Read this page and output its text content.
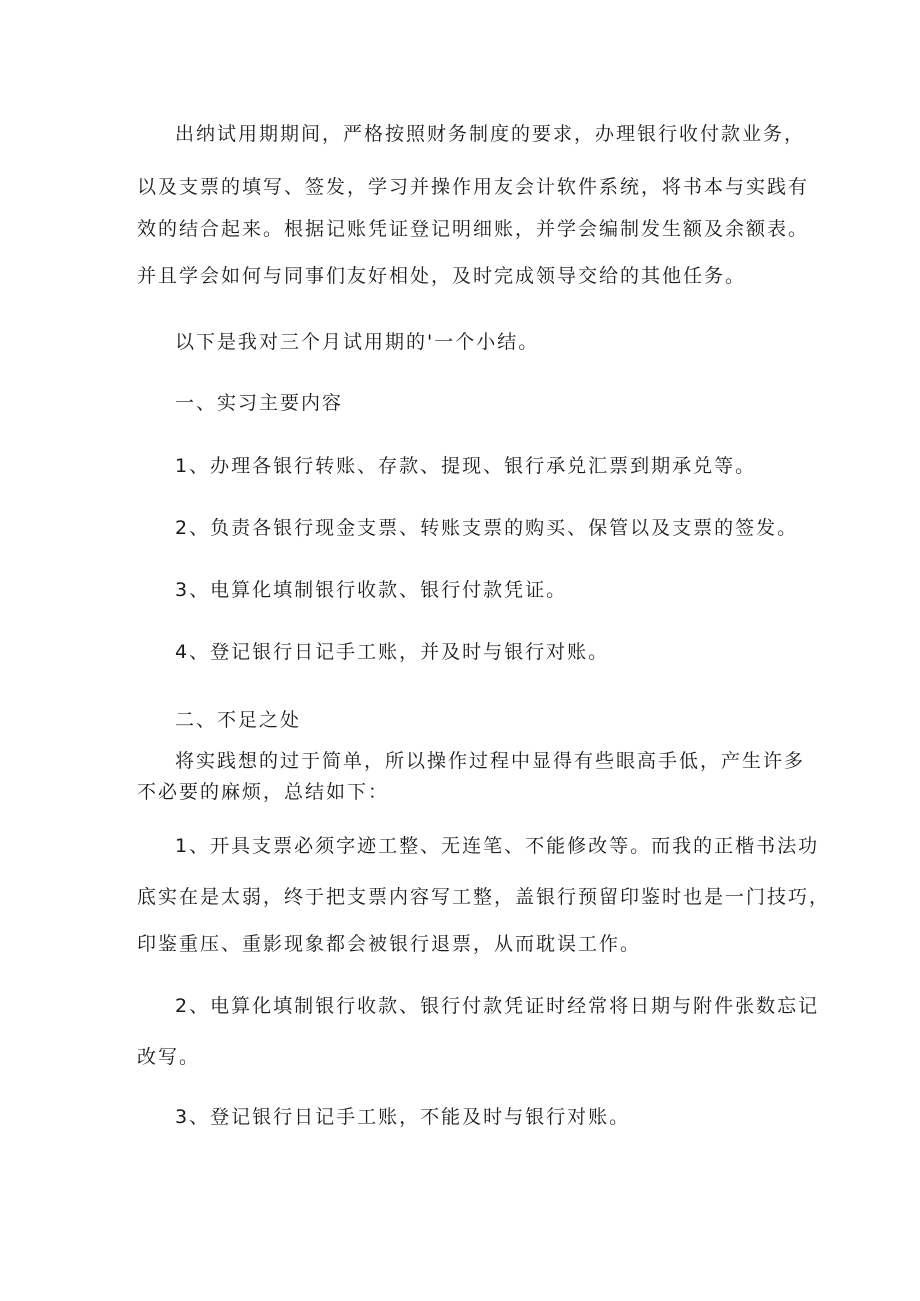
出纳试用期期间，严格按照财务制度的要求，办理银行收付款业务，
以及支票的填写、签发，学习并操作用友会计软件系统，将书本与实践有
效的结合起来。根据记账凭证登记明细账，并学会编制发生额及余额表。
并且学会如何与同事们友好相处，及时完成领导交给的其他任务。
以下是我对三个月试用期的'一个小结。
一、实习主要内容
1、办理各银行转账、存款、提现、银行承兑汇票到期承兑等。
2、负责各银行现金支票、转账支票的购买、保管以及支票的签发。
3、电算化填制银行收款、银行付款凭证。
4、登记银行日记手工账，并及时与银行对账。
二、不足之处
将实践想的过于简单，所以操作过程中显得有些眼高手低，产生许多
不必要的麻烦，总结如下：
1、开具支票必须字迹工整、无连笔、不能修改等。而我的正楷书法功
底实在是太弱，终于把支票内容写工整，盖银行预留印鉴时也是一门技巧，
印鉴重压、重影现象都会被银行退票，从而耽误工作。
2、电算化填制银行收款、银行付款凭证时经常将日期与附件张数忘记
改写。
3、登记银行日记手工账，不能及时与银行对账。
